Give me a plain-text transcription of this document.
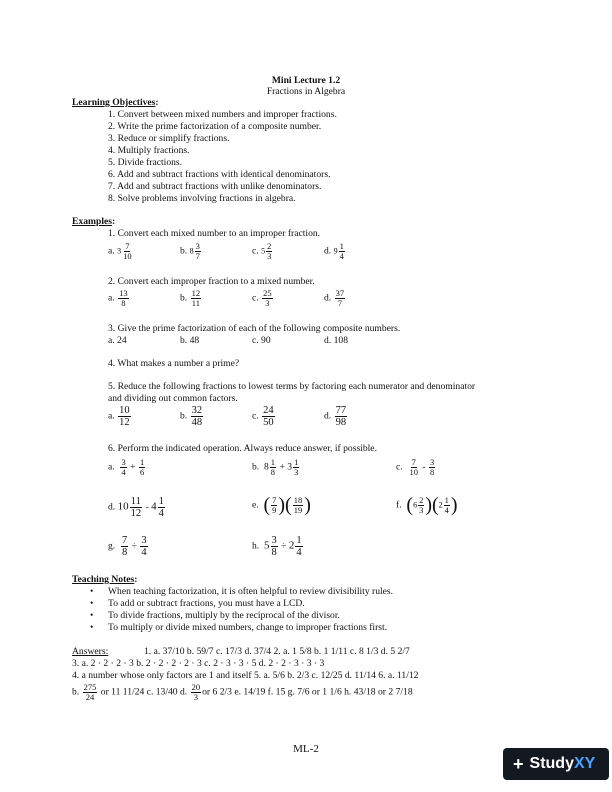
Mini Lecture 1.2
Fractions in Algebra
Learning Objectives:
1. Convert between mixed numbers and improper fractions.
2. Write the prime factorization of a composite number.
3. Reduce or simplify fractions.
4. Multiply fractions.
5. Divide fractions.
6. Add and subtract fractions with identical denominators.
7. Add and subtract fractions with unlike denominators.
8. Solve problems involving fractions in algebra.
Examples:
1. Convert each mixed number to an improper fraction.
a. $3 \frac{7}{10}$	b. $8 \frac{3}{7}$	c. $5 \frac{2}{3}$	d. $9 \frac{1}{4}$
2. Convert each improper fraction to a mixed number.
a. $\frac{13}{8}$	b. $\frac{12}{11}$	c. $\frac{25}{3}$	d. $\frac{37}{7}$
3. Give the prime factorization of each of the following composite numbers.
a. 24	b. 48	c. 90	d. 108
4. What makes a number a prime?
5. Reduce the following fractions to lowest terms by factoring each numerator and denominator
and dividing out common factors.
a. $\frac{10}{12}$	b. $\frac{32}{48}$	c. $\frac{24}{50}$	d. $\frac{77}{98}$
6. Perform the indicated operation. Always reduce answer, if possible.
a. $\frac{3}{4} + \frac{1}{6}$	b. $8 \frac{1}{8} + 3 \frac{1}{3}$	c. $\frac{7}{10} - \frac{3}{8}$
d. $10 \frac{11}{12} - 4 \frac{1}{4}$	e. ( $\frac{7}{9}$ )( $\frac{18}{19}$ )	f. $(6 \frac{2}{3} )(2 \frac{1}{4}$ )
g. $\frac{7}{8} \div \frac{3}{4}$	h. $5 \frac{3}{8} \div 2 \frac{1}{4}$
Teaching Notes:
• When teaching factorization, it is often helpful to review divisibility rules.
• To add or subtract fractions, you must have a LCD.
• To divide fractions, multiply by the reciprocal of the divisor.
• To multiply or divide mixed numbers, change to improper fractions first.
Answers:	1. a. 37/10 b. 59/7 c. 17/3 d. 37/4 2. a. 1 5/8 b. 1 1/11 c. 8 1/3 d. 5 2/7
3. a. 2 · 2 · 2 · 3 b. 2 · 2 · 2 · 2 · 3 c. 2 · 3 · 3 · 5 d. 2 · 2 · 3 · 3 · 3
4. a number whose only factors are 1 and itself 5. a. 5/6 b. 2/3 c. 12/25 d. 11/14 6. a. 11/12
b. $\frac{275}{24}$ or 11 11/24 c. 13/40 d. $\frac{20}{3}$ or 6 2/3 e. 14/19 f. 15 g. 7/6 or 1 1/6 h. 43/18 or 2 7/18
ML-2
+ Study XY
